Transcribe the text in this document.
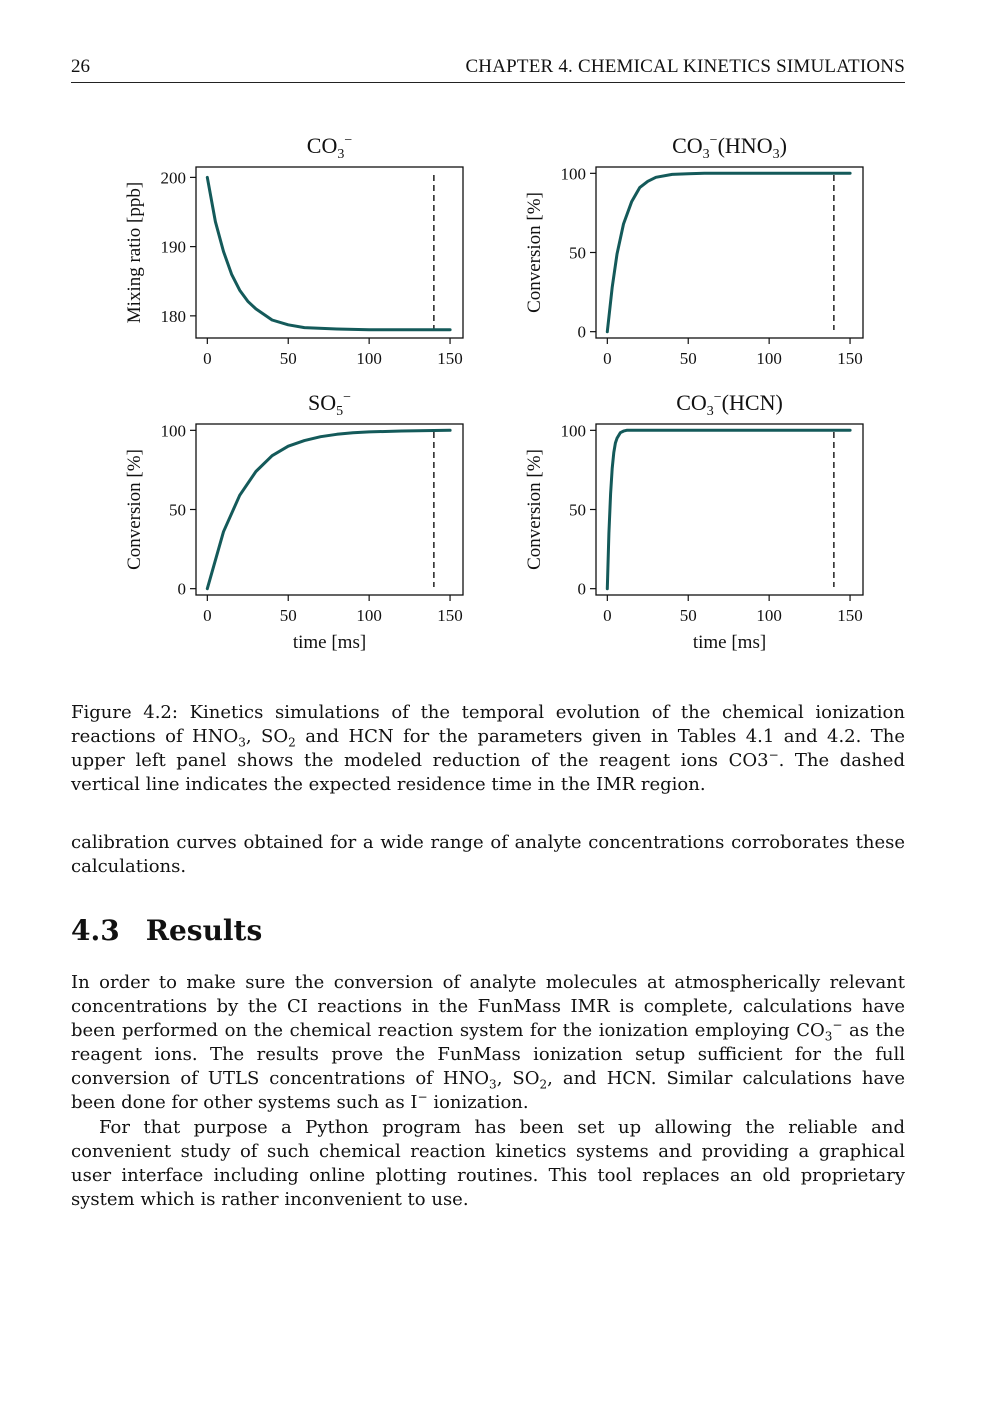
26	CHAPTER 4. CHEMICAL KINETICS SIMULATIONS
$CO_3^-$
0	50	100	150
180
190
200
Mixing ratio [ppb]
$CO_3^-(HNO_3)$
0	50	100	150
0
50
100
Conversion [%]
$SO_5^-$
0	50	100	150
0
50
100
Conversion [%]
time [ms]
$CO_3^-(HCN)$
0	50	100	150
0
50
100
Conversion [%]
time [ms]
Figure 4.2: Kinetics simulations of the temporal evolution of the chemical ionization reactions of $HNO_3$, $SO_2$ and HCN for the parameters given in Tables 4.1 and 4.2. The upper left panel shows the modeled reduction of the reagent ions CO3−. The dashed vertical line indicates the expected residence time in the IMR region.
calibration curves obtained for a wide range of analyte concentrations corroborates these calculations.
4.3 Results
In order to make sure the conversion of analyte molecules at atmospherically relevant concentrations by the CI reactions in the FunMass IMR is complete, calculations have been performed on the chemical reaction system for the ionization employing $CO_3^-$ as the reagent ions. The results prove the FunMass ionization setup sufficient for the full conversion of UTLS concentrations of $HNO_3$, $SO_2$, and HCN. Similar calculations have been done for other systems such as I− ionization.
For that purpose a Python program has been set up allowing the reliable and convenient study of such chemical reaction kinetics systems and providing a graphical user interface including online plotting routines. This tool replaces an old proprietary system which is rather inconvenient to use.
